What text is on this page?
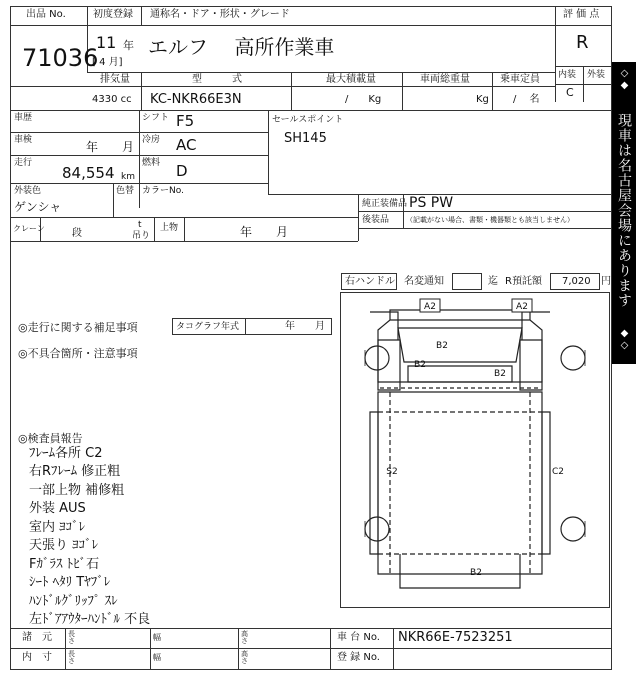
出品 No.
71036
初度登録
11 年
[ 4 月]
通称名・ドア・形状・グレード
エルフ　 高所作業車
評 価 点
R
内装 外装
C
排気量
4330 cc
型　　　式
KC-NKR66E3N
最大積載量
/　　Kg
車両総重量
Kg
乗車定員
/　 名
車歴	シフト F5
車検	年　　月 冷房 AC
走行
84,554 km
燃料 D
外装色
ゲンシャ
色替 カラーNo.
クレーン	段
t
吊り
上物	年　　月
セールスポイント
SH145
純正装備品 PS PW
後装品 （記載がない場合、書類・機器類とも該当しません）
右ハンドル 名変通知	迄 R預託額 7,020 円
◎走行に関する補足事項	タコグラフ年式	年　　月
◎不具合箇所・注意事項
◎検査員報告
ﾌﾚｰﾑ各所 C2
右Rﾌﾚｰﾑ 修正粗
一部上物 補修粗
外装 AUS
室内 ﾖｺﾞﾚ
天張り ﾖｺﾞﾚ
Fｶﾞﾗｽ ﾄﾋﾞ石
ｼｰﾄ ﾍﾀﾘ Tﾔﾌﾞﾚ
ﾊﾝﾄﾞﾙｸﾞﾘｯﾌﾟ ｽﾚ
左ﾄﾞｱｱｳﾀｰﾊﾝﾄﾞﾙ 不良
A2	A2
B2
B2
B2
S2	C2
B2
◇◆
現車は名古屋会場にあります
◆◇
諸　元 長さ	幅	高さ
内　寸 長さ	幅	高さ
車 台 No. NKR66E-7523251
登 録 No.
